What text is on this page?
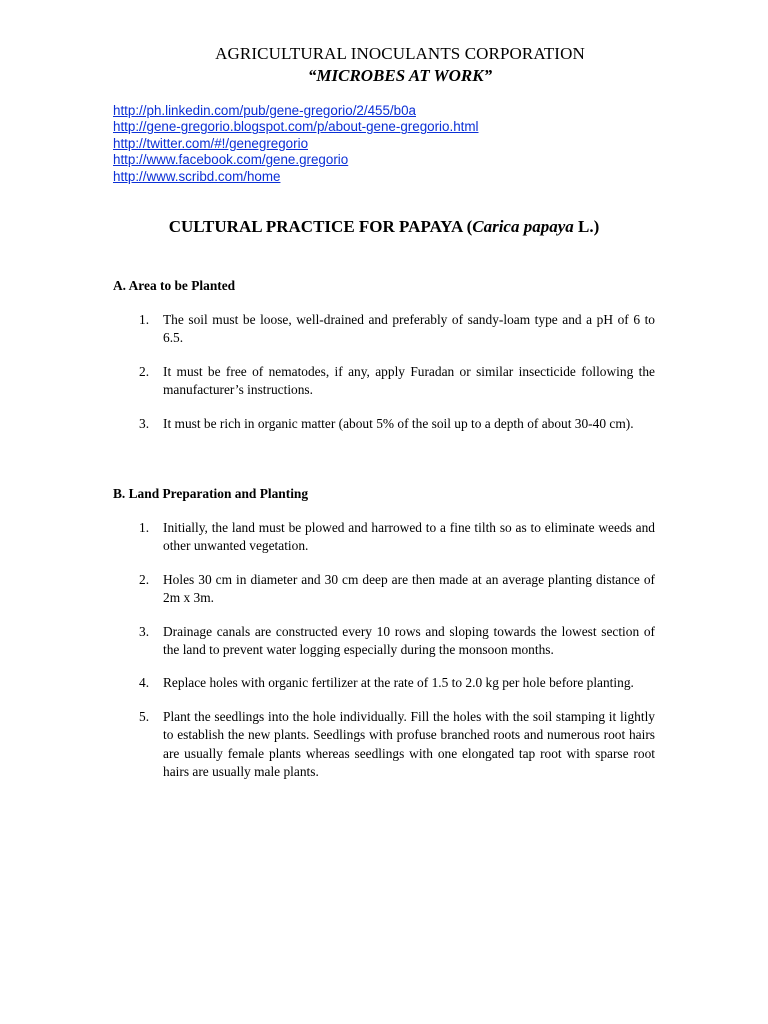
AGRICULTURAL INOCULANTS CORPORATION
“MICROBES AT WORK”
http://ph.linkedin.com/pub/gene-gregorio/2/455/b0a
http://gene-gregorio.blogspot.com/p/about-gene-gregorio.html
http://twitter.com/#!/genegregorio
http://www.facebook.com/gene.gregorio
http://www.scribd.com/home
CULTURAL PRACTICE FOR PAPAYA (Carica papaya L.)
A. Area to be Planted
1. The soil must be loose, well-drained and preferably of sandy-loam type and a pH of 6 to 6.5.
2. It must be free of nematodes, if any, apply Furadan or similar insecticide following the manufacturer’s instructions.
3. It must be rich in organic matter (about 5% of the soil up to a depth of about 30-40 cm).
B. Land Preparation and Planting
1. Initially, the land must be plowed and harrowed to a fine tilth so as to eliminate weeds and other unwanted vegetation.
2. Holes 30 cm in diameter and 30 cm deep are then made at an average planting distance of 2m x 3m.
3. Drainage canals are constructed every 10 rows and sloping towards the lowest section of the land to prevent water logging especially during the monsoon months.
4. Replace holes with organic fertilizer at the rate of 1.5 to 2.0 kg per hole before planting.
5. Plant the seedlings into the hole individually. Fill the holes with the soil stamping it lightly to establish the new plants. Seedlings with profuse branched roots and numerous root hairs are usually female plants whereas seedlings with one elongated tap root with sparse root hairs are usually male plants.
